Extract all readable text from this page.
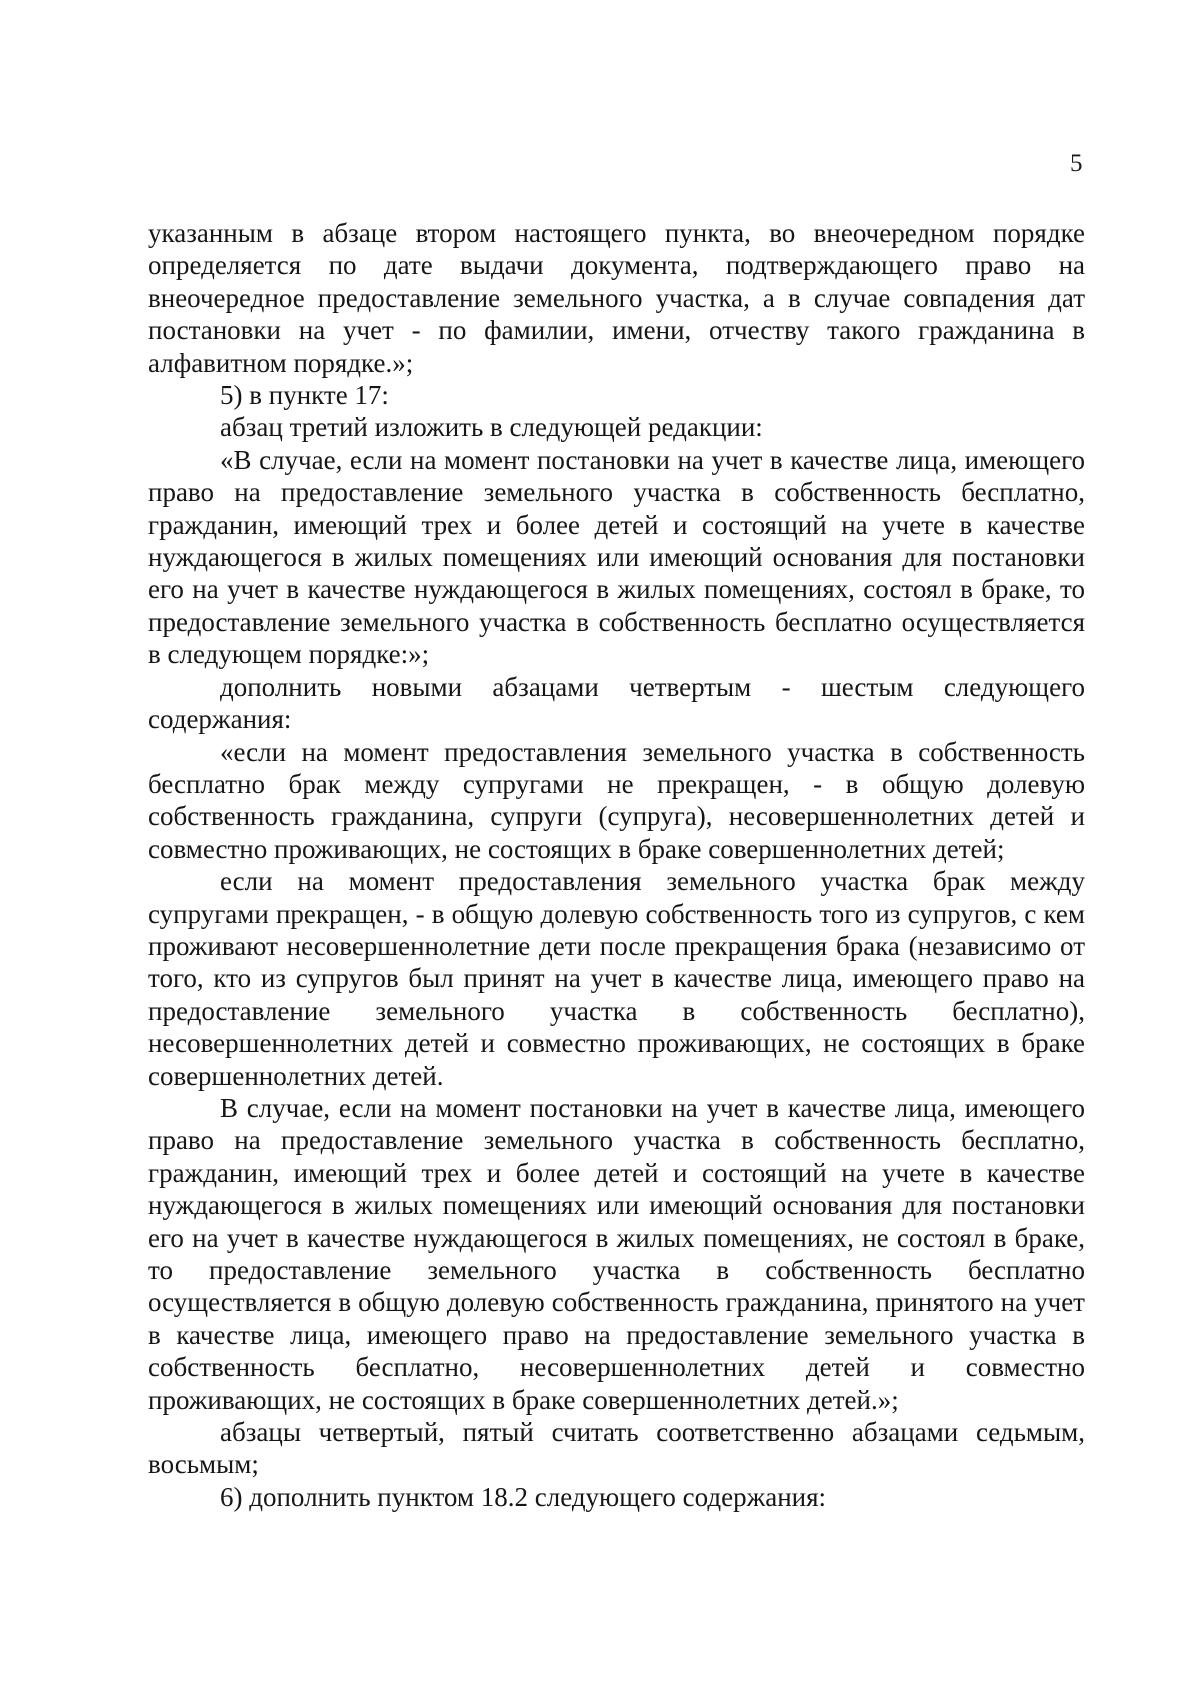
5

указанным в абзаце втором настоящего пункта, во внеочередном порядке определяется по дате выдачи документа, подтверждающего право на внеочередное предоставление земельного участка, а в случае совпадения дат постановки на учет - по фамилии, имени, отчеству такого гражданина в алфавитном порядке.»;

5) в пункте 17:

абзац третий изложить в следующей редакции:

«В случае, если на момент постановки на учет в качестве лица, имеющего право на предоставление земельного участка в собственность бесплатно, гражданин, имеющий трех и более детей и состоящий на учете в качестве нуждающегося в жилых помещениях или имеющий основания для постановки его на учет в качестве нуждающегося в жилых помещениях, состоял в браке, то предоставление земельного участка в собственность бесплатно осуществляется в следующем порядке:»;

дополнить новыми абзацами четвертым - шестым следующего содержания:

«если на момент предоставления земельного участка в собственность бесплатно брак между супругами не прекращен, - в общую долевую собственность гражданина, супруги (супруга), несовершеннолетних детей и совместно проживающих, не состоящих в браке совершеннолетних детей;

если на момент предоставления земельного участка брак между супругами прекращен, - в общую долевую собственность того из супругов, с кем проживают несовершеннолетние дети после прекращения брака (независимо от того, кто из супругов был принят на учет в качестве лица, имеющего право на предоставление земельного участка в собственность бесплатно), несовершеннолетних детей и совместно проживающих, не состоящих в браке совершеннолетних детей.

В случае, если на момент постановки на учет в качестве лица, имеющего право на предоставление земельного участка в собственность бесплатно, гражданин, имеющий трех и более детей и состоящий на учете в качестве нуждающегося в жилых помещениях или имеющий основания для постановки его на учет в качестве нуждающегося в жилых помещениях, не состоял в браке, то предоставление земельного участка в собственность бесплатно осуществляется в общую долевую собственность гражданина, принятого на учет в качестве лица, имеющего право на предоставление земельного участка в собственность бесплатно, несовершеннолетних детей и совместно проживающих, не состоящих в браке совершеннолетних детей.»;

абзацы четвертый, пятый считать соответственно абзацами седьмым, восьмым;

6) дополнить пунктом 18.2 следующего содержания:
